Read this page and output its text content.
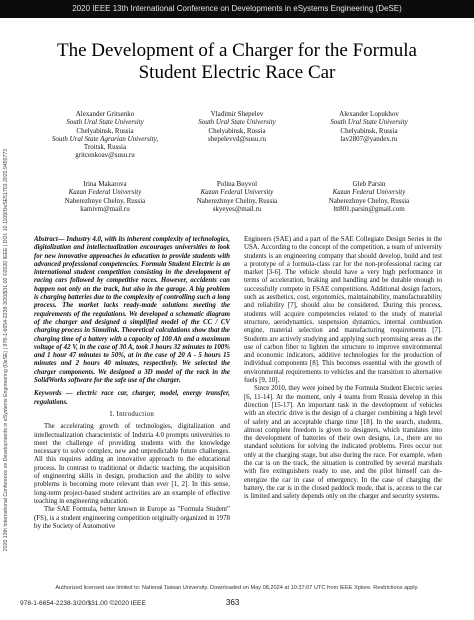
2020 IEEE 13th International Conference on Developments in eSystems Engineering (DeSE)
2020 13th International Conference on Developments in eSystems Engineering (DeSE) | 978-1-6654-2238-3/20/$31.00 ©2020 IEEE | DOI: 10.1109/DeSE51703.2020.9450773
The Development of a Charger for the Formula
Student Electric Race Car
Alexander Gritsenko
South Ural State University
Chelyabinsk, Russia
South Ural State Agrarian University,
Troitsk, Russia
gritcenkoav@susu.ru
Vladimir Shepelev
South Ural State University
Chelyabinsk, Russia
shepelevvd@susu.ru
Alexander Lopukhov
South Ural State University
Chelyabinsk, Russia
lav2807@yandex.ru
Irina Makarova
Kazan Federal University
Naberezhnye Chelny, Russia
kamivm@mail.ru
Polina Buyvol
Kazan Federal University
Naberezhnye Chelny, Russia
skyeyes@mail.ru
Gleb Parsin
Kazan Federal University
Naberezhnye Chelny, Russia
ltt801.parsin@gmail.com

Abstract— Industry 4.0, with its inherent complexity of technologies, digitalization and intellectualization encourages universities to look for new innovative approaches in education to provide students with advanced professional competencies. Formula Student Electric is an international student competition consisting in the development of racing cars followed by competitive races. However, accidents can happen not only on the track, but also in the garage. A big problem is charging batteries due to the complexity of controlling such a long process. The market lacks ready-made solutions meeting the requirements of the regulations. We developed a schematic diagram of the charger and designed a simplified model of the CC / CV charging process in Simulink. Theoretical calculations show that the charging time of a battery with a capacity of 100 Ah and a maximum voltage of 42 V, in the case of 30 A, took 3 hours 32 minutes to 100% and 1 hour 47 minutes to 50%, at in the case of 20 A - 5 hours 15 minutes and 2 hours 40 minutes, respectively. We selected the charger components. We designed a 3D model of the rack in the SolidWorks software for the safe use of the charger.

Keywords — electric race car, charger, model, energy transfer, regulations.

I. Introduction

The accelerating growth of technologies, digitalization and intellectualization characteristic of Indstria 4.0 prompts universities to meet the challenge of providing students with the knowledge necessary to solve complex, new and unpredictable future challenges. All this requires adding an innovative approach to the educational process. In contrast to traditional or didactic teaching, the acquisition of engineering skills in design, production and the ability to solve problems is becoming more relevant than ever [1, 2]. In this sense, long-term project-based student activities are an example of effective teaching in engineering education.

The SAE Formula, better known in Europe as "Formula Student" (FS), is a student engineering competition originally organized in 1978 by the Society of Automotive

Engineers (SAE) and a part of the SAE Collegiate Design Series in the USA. According to the concept of the competition, a team of university students is an engineering company that should develop, build and test a prototype of a formula-class car for the non-professional racing car market [3-6]. The vehicle should have a very high performance in terms of acceleration, braking and handling and be durable enough to successfully compete in FSAE competitions. Additional design factors, such as aesthetics, cost, ergonomics, maintainability, manufacturability and reliability [7], should also be considered. During this process, students will acquire competencies related to the study of material structure, aerodynamics, suspension dynamics, internal combustion engine, material selection and manufacturing requirements [7]. Students are actively studying and applying such promising areas as the use of carbon fiber to lighten the structure to improve environmental and economic indicators, additive technologies for the production of individual components [8]. This becomes essential with the growth of environmental requirements to vehicles and the transition to alternative fuels [9, 10].

Since 2010, they were joined by the Formula Student Electric series [6, 11-14]. At the moment, only 4 teams from Russia develop in this direction [15-17]. An important task in the development of vehicles with an electric drive is the design of a charger combining a high level of safety and an acceptable charge time [18]. In the search, students, almost complete freedom is given to designers, which translates into the development of batteries of their own designs, i.e., there are no standard solutions for solving the indicated problems. Fires occur not only at the charging stage, but also during the race. For example, when the car is on the track, the situation is controlled by several marshals with fire extinguishers ready to use, and the pilot himself can de-energize the car in case of emergency. In the case of charging the battery, the car is in the closed paddock mode, that is, access to the car is limited and safety depends only on the charger and security systems.

Authorized licensed use limited to: National Taiwan University. Downloaded on May 08,2024 at 10:37:07 UTC from IEEE Xplore. Restrictions apply.
978-1-6654-2238-3/20/$31.00 ©2020 IEEE	363
